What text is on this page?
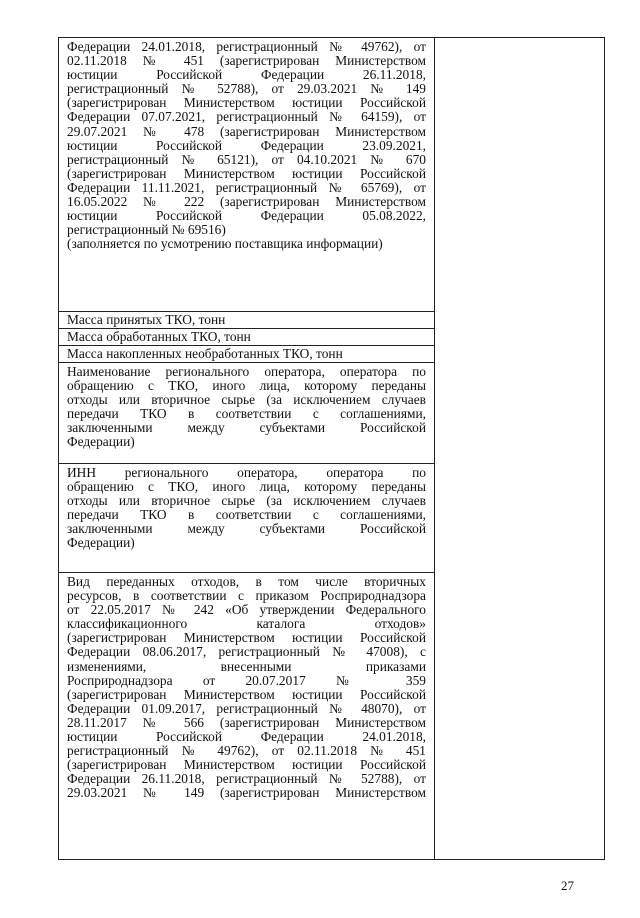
Федерации 24.01.2018, регистрационный № 49762), от
02.11.2018 № 451 (зарегистрирован Министерством
юстиции Российской Федерации 26.11.2018,
регистрационный № 52788), от 29.03.2021 № 149
(зарегистрирован Министерством юстиции Российской
Федерации 07.07.2021, регистрационный № 64159), от
29.07.2021 № 478 (зарегистрирован Министерством
юстиции Российской Федерации 23.09.2021,
регистрационный № 65121), от 04.10.2021 № 670
(зарегистрирован Министерством юстиции Российской
Федерации 11.11.2021, регистрационный № 65769), от
16.05.2022 № 222 (зарегистрирован Министерством
юстиции Российской Федерации 05.08.2022,
регистрационный № 69516)
(заполняется по усмотрению поставщика информации)
Масса принятых ТКО, тонн
Масса обработанных ТКО, тонн
Масса накопленных необработанных ТКО, тонн
Наименование регионального оператора, оператора по
обращению с ТКО, иного лица, которому переданы
отходы или вторичное сырье (за исключением случаев
передачи ТКО в соответствии с соглашениями,
заключенными между субъектами Российской
Федерации)
ИНН регионального оператора, оператора по
обращению с ТКО, иного лица, которому переданы
отходы или вторичное сырье (за исключением случаев
передачи ТКО в соответствии с соглашениями,
заключенными между субъектами Российской
Федерации)
Вид переданных отходов, в том числе вторичных
ресурсов, в соответствии с приказом Росприроднадзора
от 22.05.2017 № 242 «Об утверждении Федерального
классификационного каталога отходов»
(зарегистрирован Министерством юстиции Российской
Федерации 08.06.2017, регистрационный № 47008), с
изменениями, внесенными приказами
Росприроднадзора от 20.07.2017 № 359
(зарегистрирован Министерством юстиции Российской
Федерации 01.09.2017, регистрационный № 48070), от
28.11.2017 № 566 (зарегистрирован Министерством
юстиции Российской Федерации 24.01.2018,
регистрационный № 49762), от 02.11.2018 № 451
(зарегистрирован Министерством юстиции Российской
Федерации 26.11.2018, регистрационный № 52788), от
29.03.2021 № 149 (зарегистрирован Министерством
27
